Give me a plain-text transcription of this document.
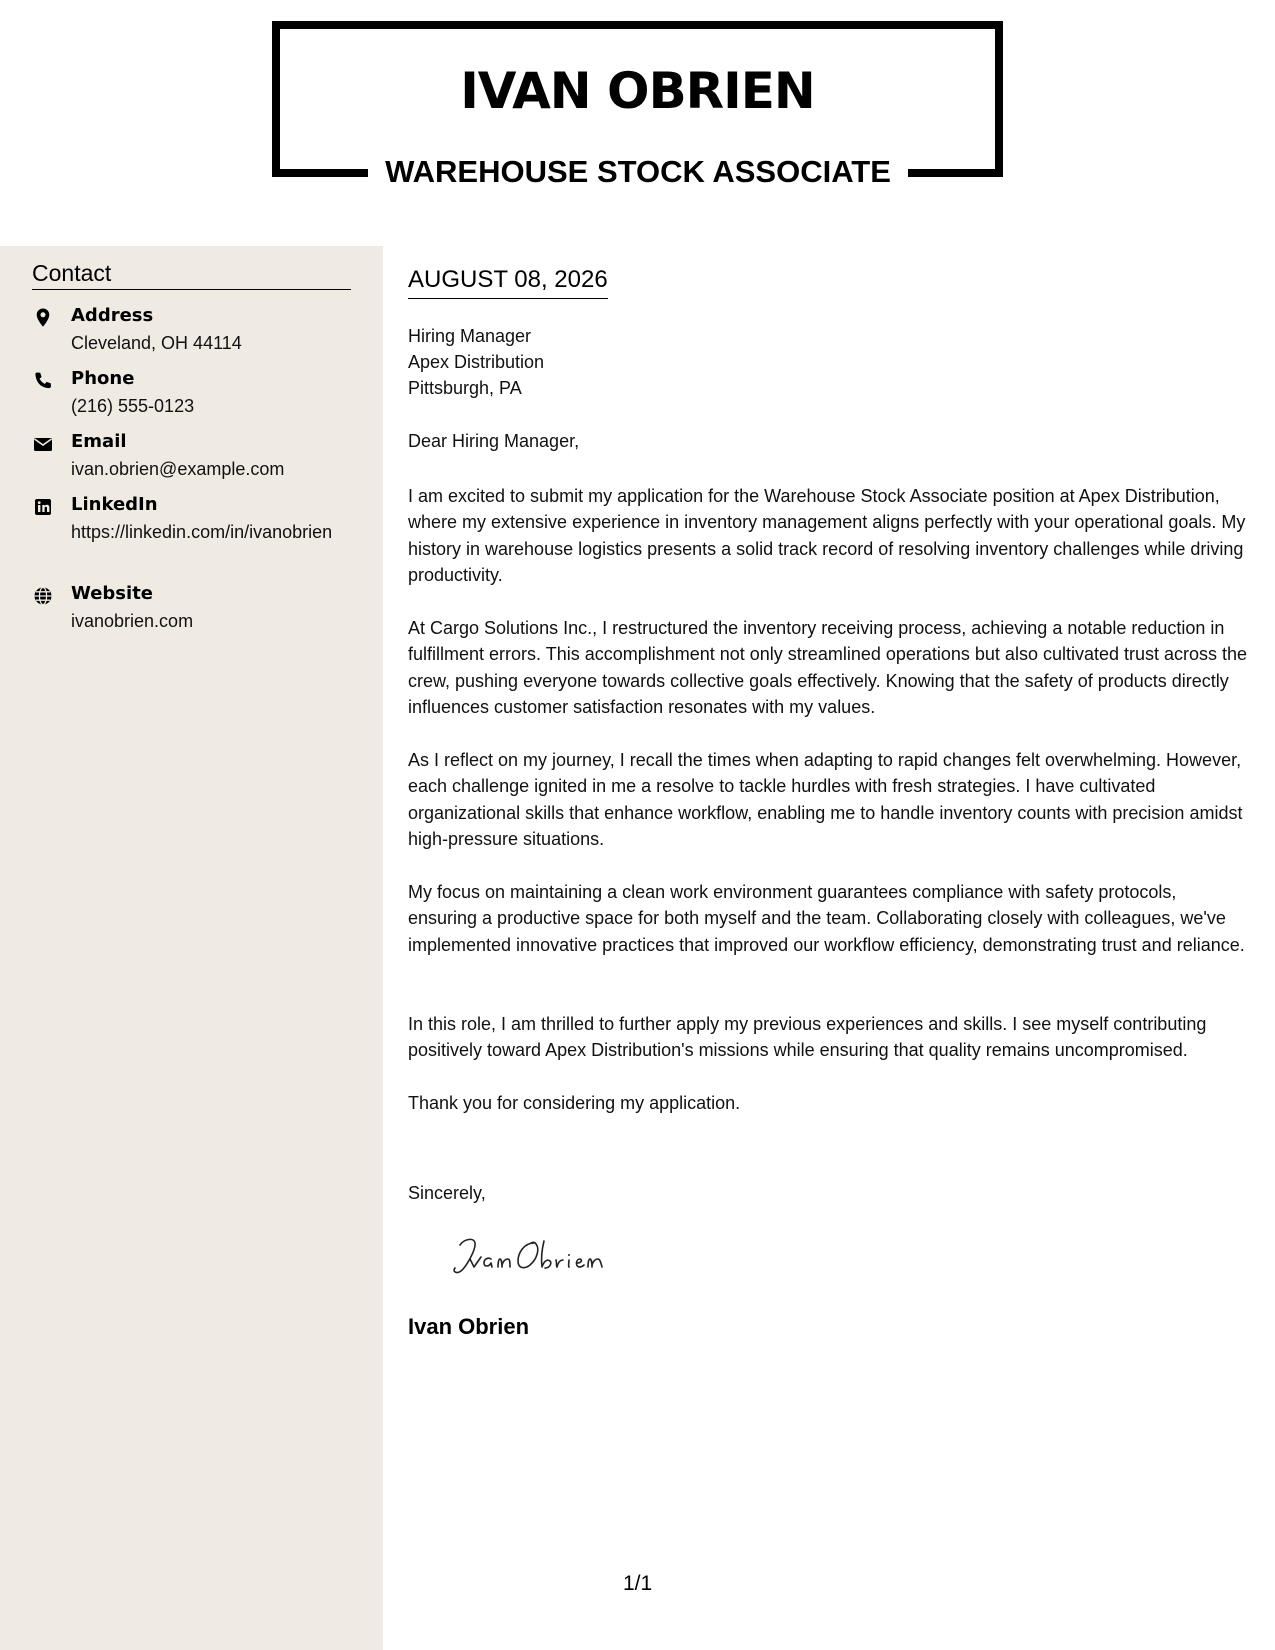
IVAN OBRIEN
WAREHOUSE STOCK ASSOCIATE
Contact
Address
Cleveland, OH 44114
Phone
(216) 555-0123
Email
ivan.obrien@example.com
LinkedIn
https://linkedin.com/in/ivanobrien
Website
ivanobrien.com
AUGUST 08, 2026
Hiring Manager
Apex Distribution
Pittsburgh, PA
Dear Hiring Manager,

I am excited to submit my application for the Warehouse Stock Associate position at Apex Distribution, where my extensive experience in inventory management aligns perfectly with your operational goals. My history in warehouse logistics presents a solid track record of resolving inventory challenges while driving productivity.

At Cargo Solutions Inc., I restructured the inventory receiving process, achieving a notable reduction in fulfillment errors. This accomplishment not only streamlined operations but also cultivated trust across the crew, pushing everyone towards collective goals effectively. Knowing that the safety of products directly influences customer satisfaction resonates with my values.

As I reflect on my journey, I recall the times when adapting to rapid changes felt overwhelming. However, each challenge ignited in me a resolve to tackle hurdles with fresh strategies. I have cultivated organizational skills that enhance workflow, enabling me to handle inventory counts with precision amidst high-pressure situations.

My focus on maintaining a clean work environment guarantees compliance with safety protocols, ensuring a productive space for both myself and the team. Collaborating closely with colleagues, we've implemented innovative practices that improved our workflow efficiency, demonstrating trust and reliance.

In this role, I am thrilled to further apply my previous experiences and skills. I see myself contributing positively toward Apex Distribution's missions while ensuring that quality remains uncompromised.

Thank you for considering my application.

Sincerely,
Ivan Obrien
1/1
